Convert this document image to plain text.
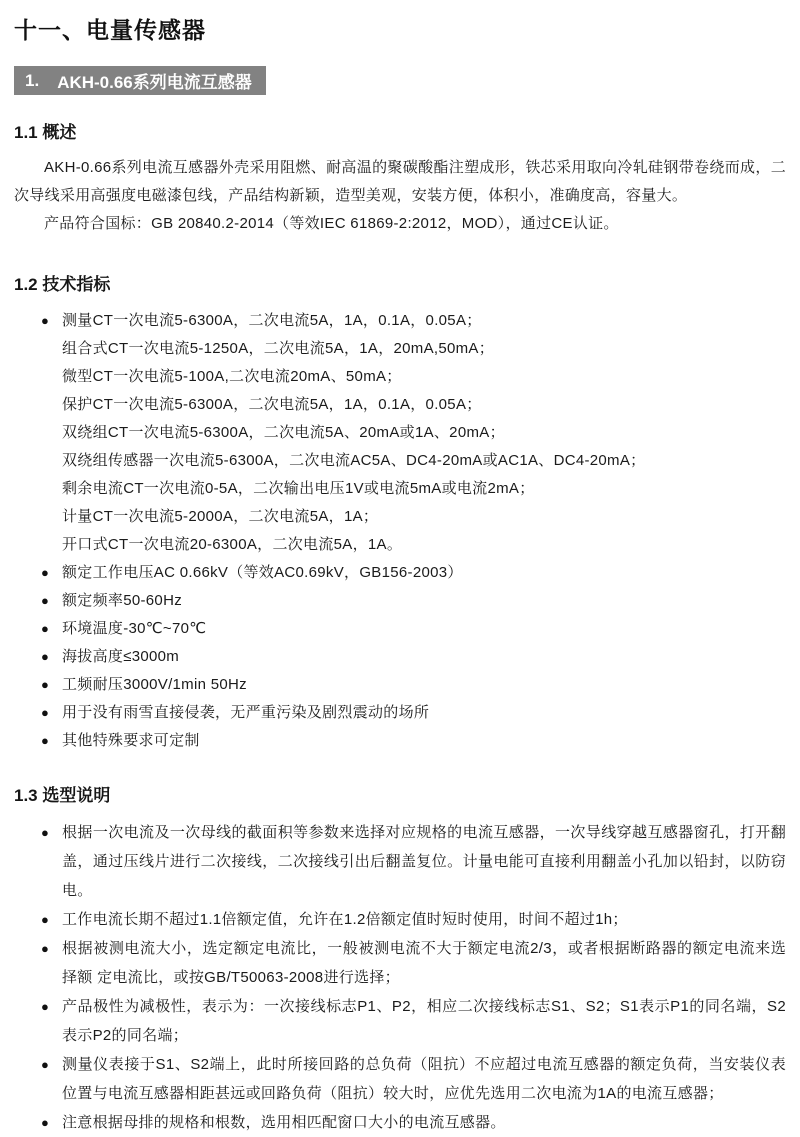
十一、电量传感器
1. AKH-0.66系列电流互感器
1.1 概述

AKH-0.66系列电流互感器外壳采用阻燃、耐高温的聚碳酸酯注塑成形，铁芯采用取向冷轧硅钢带卷绕而成，二次导线采用高强度电磁漆包线，产品结构新颖，造型美观，安装方便，体积小，准确度高，容量大。

产品符合国标：GB 20840.2-2014（等效IEC 61869-2:2012，MOD），通过CE认证。

1.2 技术指标
● 测量CT一次电流5-6300A，二次电流5A，1A，0.1A，0.05A；
组合式CT一次电流5-1250A，二次电流5A，1A，20mA,50mA；
微型CT一次电流5-100A,二次电流20mA、50mA；
保护CT一次电流5-6300A，二次电流5A，1A，0.1A，0.05A；
双绕组CT一次电流5-6300A，二次电流5A、20mA或1A、20mA；
双绕组传感器一次电流5-6300A，二次电流AC5A、DC4-20mA或AC1A、DC4-20mA；
剩余电流CT一次电流0-5A，二次输出电压1V或电流5mA或电流2mA；
计量CT一次电流5-2000A，二次电流5A，1A；
开口式CT一次电流20-6300A，二次电流5A，1A。
● 额定工作电压AC 0.66kV（等效AC0.69kV，GB156-2003）
● 额定频率50-60Hz
● 环境温度-30℃~70℃
● 海拔高度≤3000m
● 工频耐压3000V/1min 50Hz
● 用于没有雨雪直接侵袭，无严重污染及剧烈震动的场所
● 其他特殊要求可定制
1.3 选型说明
● 根据一次电流及一次母线的截面积等参数来选择对应规格的电流互感器，一次导线穿越互感器窗孔，打开翻盖，通过压线片进行二次接线，二次接线引出后翻盖复位。计量电能可直接利用翻盖小孔加以铅封，以防窃电。
● 工作电流长期不超过1.1倍额定值，允许在1.2倍额定值时短时使用，时间不超过1h；
● 根据被测电流大小，选定额定电流比，一般被测电流不大于额定电流2/3，或者根据断路器的额定电流来选择额 定电流比，或按GB/T50063-2008进行选择；
● 产品极性为减极性，表示为：一次接线标志P1、P2，相应二次接线标志S1、S2；S1表示P1的同名端，S2表示P2的同名端；
● 测量仪表接于S1、S2端上，此时所接回路的总负荷（阻抗）不应超过电流互感器的额定负荷，当安装仪表位置与电流互感器相距甚远或回路负荷（阻抗）较大时，应优先选用二次电流为1A的电流互感器；
● 注意根据母排的规格和根数，选用相匹配窗口大小的电流互感器。
